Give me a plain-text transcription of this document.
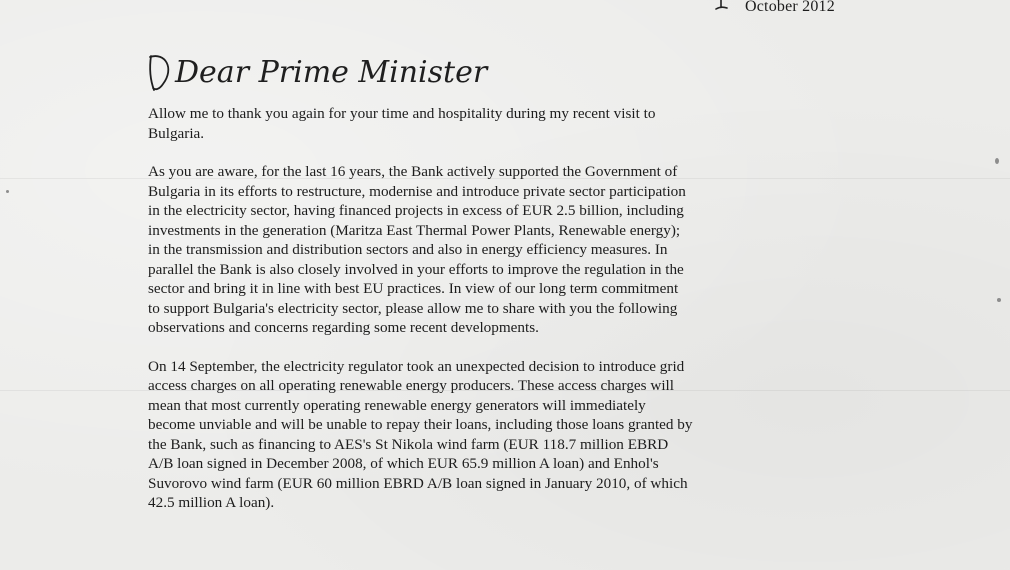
October 2012
Dear Prime Minister

Allow me to thank you again for your time and hospitality during my recent visit to
Bulgaria.

As you are aware, for the last 16 years, the Bank actively supported the Government of
Bulgaria in its efforts to restructure, modernise and introduce private sector participation
in the electricity sector, having financed projects in excess of EUR 2.5 billion, including
investments in the generation (Maritza East Thermal Power Plants, Renewable energy);
in the transmission and distribution sectors and also in energy efficiency measures. In
parallel the Bank is also closely involved in your efforts to improve the regulation in the
sector and bring it in line with best EU practices. In view of our long term commitment
to support Bulgaria's electricity sector, please allow me to share with you the following
observations and concerns regarding some recent developments.

On 14 September, the electricity regulator took an unexpected decision to introduce grid
access charges on all operating renewable energy producers. These access charges will
mean that most currently operating renewable energy generators will immediately
become unviable and will be unable to repay their loans, including those loans granted by
the Bank, such as financing to AES's St Nikola wind farm (EUR 118.7 million EBRD
A/B loan signed in December 2008, of which EUR 65.9 million A loan) and Enhol's
Suvorovo wind farm (EUR 60 million EBRD A/B loan signed in January 2010, of which
42.5 million A loan).
